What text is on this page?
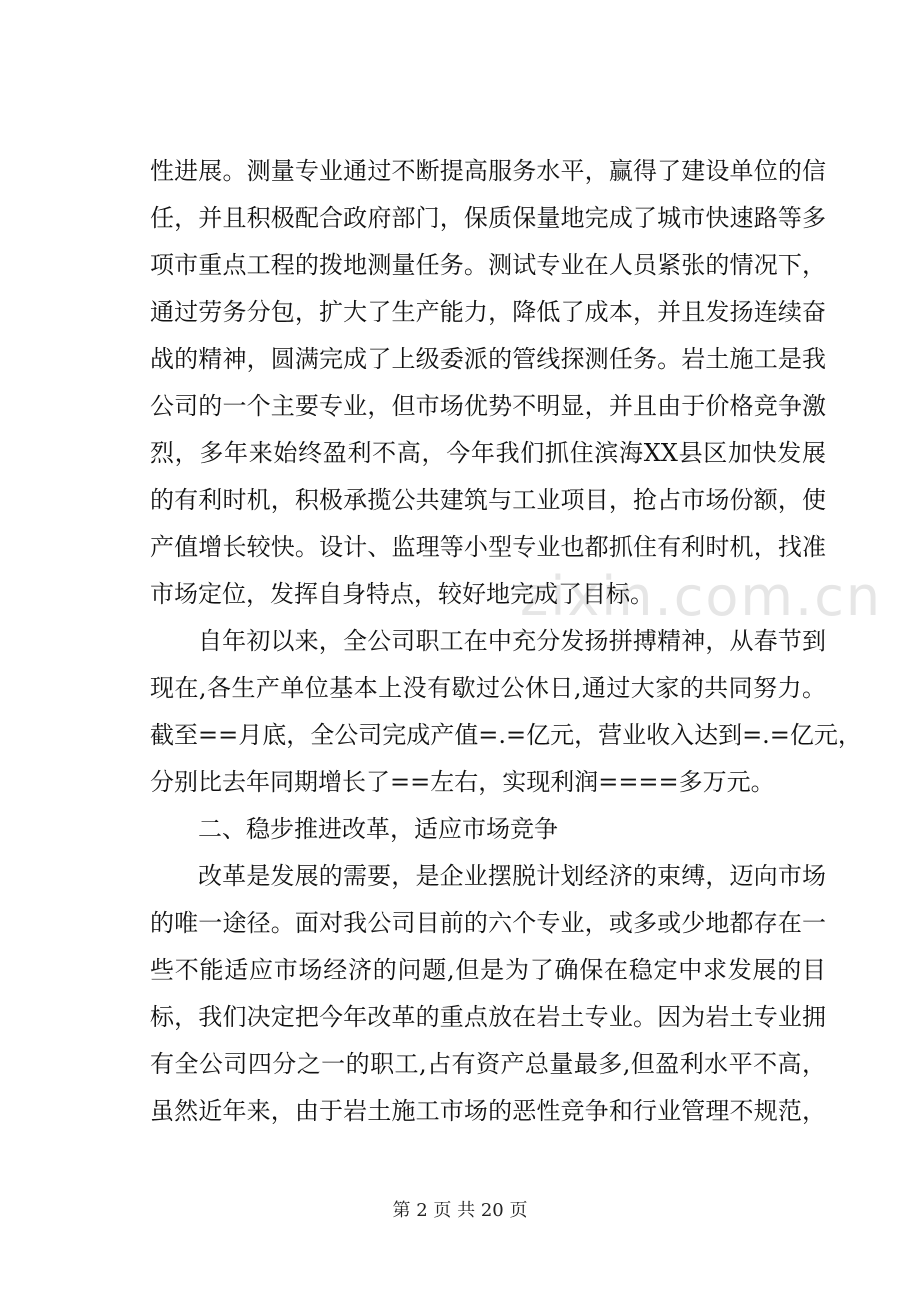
zixin.com.cn
性进展。测量专业通过不断提高服务水平，赢得了建设单位的信
任，并且积极配合政府部门，保质保量地完成了城市快速路等多
项市重点工程的拨地测量任务。测试专业在人员紧张的情况下，
通过劳务分包，扩大了生产能力，降低了成本，并且发扬连续奋
战的精神，圆满完成了上级委派的管线探测任务。岩土施工是我
公司的一个主要专业，但市场优势不明显，并且由于价格竞争激
烈，多年来始终盈利不高，今年我们抓住滨海XX县区加快发展
的有利时机，积极承揽公共建筑与工业项目，抢占市场份额，使
产值增长较快。设计、监理等小型专业也都抓住有利时机，找准
市场定位，发挥自身特点，较好地完成了目标。
自年初以来，全公司职工在中充分发扬拼搏精神，从春节到
现在,各生产单位基本上没有歇过公休日,通过大家的共同努力。
截至==月底，全公司完成产值=.=亿元，营业收入达到=.=亿元，
分别比去年同期增长了==左右，实现利润====多万元。
二、稳步推进改革，适应市场竞争
改革是发展的需要，是企业摆脱计划经济的束缚，迈向市场
的唯一途径。面对我公司目前的六个专业，或多或少地都存在一
些不能适应市场经济的问题,但是为了确保在稳定中求发展的目
标，我们决定把今年改革的重点放在岩土专业。因为岩土专业拥
有全公司四分之一的职工,占有资产总量最多,但盈利水平不高，
虽然近年来，由于岩土施工市场的恶性竞争和行业管理不规范，
第 2 页 共 20 页
